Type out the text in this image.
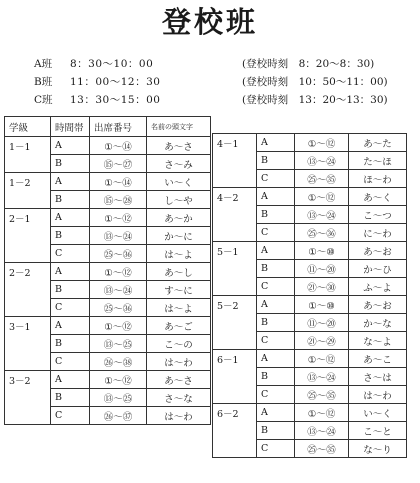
登校班
A班 8：30～10：00	(登校時刻　8：20～8：30)
B班 11：00～12：30	(登校時刻　10：50～11：00)
C班 13：30～15：00	(登校時刻　13：20～13：30)
学級	時間帯	出席番号	名前の頭文字
1－1	A	①～⑭	あ～さ
	B	⑮～㉗	さ～み
1－2	A	①～⑭	い～く
	B	⑮～㉘	し～や
2－1	A	①～⑫	あ～か
	B	⑬～㉔	か～に
	C	㉕～㊱	は～よ
2－2	A	①～⑫	あ～し
	B	⑬～㉔	す～に
	C	㉕～㊱	は～よ
3－1	A	①～⑫	あ～ご
	B	⑬～㉕	こ～の
	C	㉖～㊳	は～わ
3－2	A	①～⑫	あ～さ
	B	⑬～㉕	さ～な
	C	㉖～㊲	は～わ
4－1	A	①～⑫	あ～た
	B	⑬～㉔	た～ほ
	C	㉕～㉟	ほ～わ
4－2	A	①～⑫	あ～く
	B	⑬～㉔	こ～つ
	C	㉕～㊱	に～わ
5－1	A	①～⑩	あ～お
	B	⑪～⑳	か～ひ
	C	㉑～㉚	ふ～よ
5－2	A	①～⑩	あ～お
	B	⑪～⑳	か～な
	C	㉑～㉙	な～よ
6－1	A	①～⑫	あ～こ
	B	⑬～㉔	さ～は
	C	㉕～㉟	は～わ
6－2	A	①～⑫	い～く
	B	⑬～㉔	こ～と
	C	㉕～㉟	な～り
